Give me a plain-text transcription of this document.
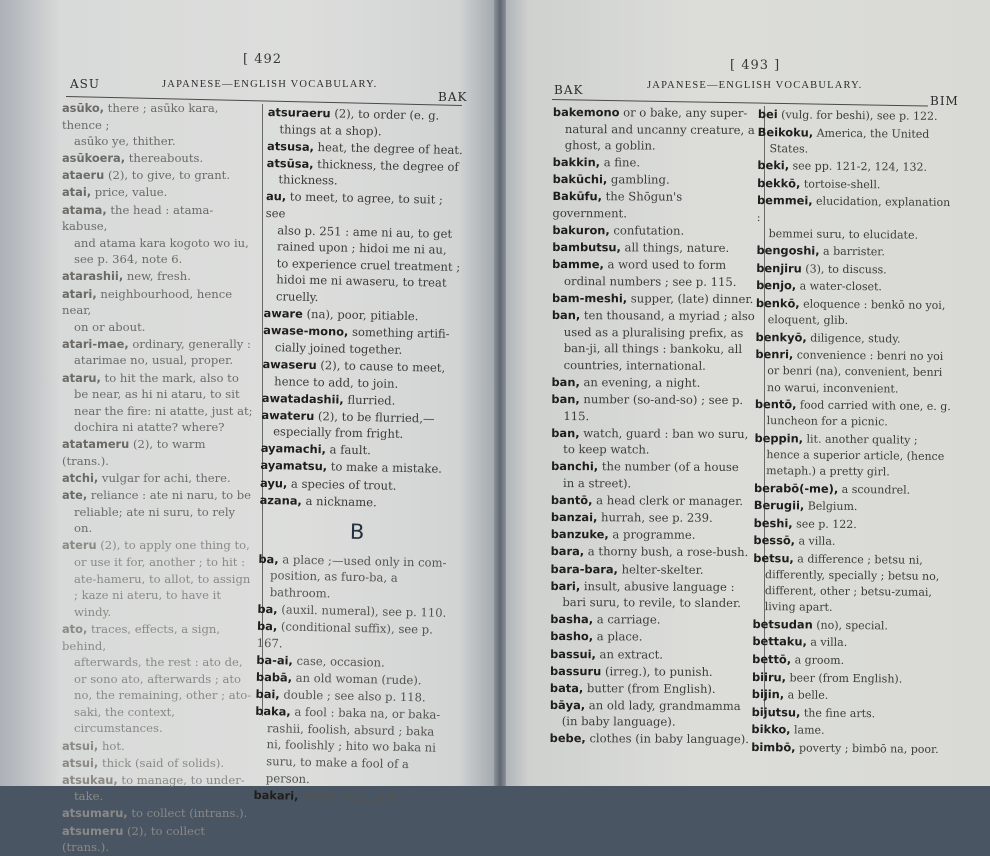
[ 492
ASU	JAPANESE—ENGLISH VOCABULARY.
BAK
asūko, there ; asūko kara, thence ;
asūko ye, thither.
asūkoera, thereabouts.
ataeru (2), to give, to grant.
atai, price, value.
atama, the head : atama-kabuse,
and atama kara kogoto wo iu, see p. 364, note 6.
atarashii, new, fresh.
atari, neighbourhood, hence near,
on or about.
atari-mae, ordinary, generally :
atarimae no, usual, proper.
ataru, to hit the mark, also to
be near, as hi ni ataru, to sit near the fire: ni atatte, just at; dochira ni atatte? where?
atatameru (2), to warm (trans.).
atchi, vulgar for achi, there.
ate, reliance : ate ni naru, to be
reliable; ate ni suru, to rely on.
ateru (2), to apply one thing to,
or use it for, another ; to hit : ate-hameru, to allot, to assign ; kaze ni ateru, to have it windy.
ato, traces, effects, a sign, behind,
afterwards, the rest : ato de, or sono ato, afterwards ; ato no, the remaining, other ; ato-saki, the context, circumstances.
atsui, hot.
atsui, thick (said of solids).
atsukau, to manage, to under-
take.
atsumaru, to collect (intrans.).
atsumeru (2), to collect (trans.).
atsuraeru (2), to order (e. g.
things at a shop).
atsusa, heat, the degree of heat.
atsūsa, thickness, the degree of
thickness.
au, to meet, to agree, to suit ; see
also p. 251 : ame ni au, to get rained upon ; hidoi me ni au, to experience cruel treatment ; hidoi me ni awaseru, to treat cruelly.
aware (na), poor, pitiable.
awase-mono, something artifi-
cially joined together.
awaseru (2), to cause to meet,
hence to add, to join.
awatadashii, flurried.
awateru (2), to be flurried,—
especially from fright.
ayamachi, a fault.
ayamatsu, to make a mistake.
ayu, a species of trout.
azana, a nickname.
B
ba, a place ;—used only in com-
position, as furo-ba, a bathroom.
ba, (auxil. numeral), see p. 110.
ba, (conditional suffix), see p. 167.
ba-ai, case, occasion.
babā, an old woman (rude).
bai, double ; see also p. 118.
baka, a fool : baka na, or baka-
rashii, foolish, absurd ; baka ni, foolishly ; hito wo baka ni suru, to make a fool of a person.
bakari, about, only, just.
[ 493 ]
BAK	JAPANESE—ENGLISH VOCABULARY.
BIM
bakemono or o bake, any super-
natural and uncanny creature, a ghost, a goblin.
bakkin, a fine.
bakūchi, gambling.
Bakūfu, the Shōgun's government.
bakuron, confutation.
bambutsu, all things, nature.
bamme, a word used to form
ordinal numbers ; see p. 115.
bam-meshi, supper, (late) dinner.
ban, ten thousand, a myriad ; also
used as a pluralising prefix, as ban-ji, all things : bankoku, all countries, international.
ban, an evening, a night.
ban, number (so-and-so) ; see p.
115.
ban, watch, guard : ban wo suru,
to keep watch.
banchi, the number (of a house
in a street).
bantō, a head clerk or manager.
banzai, hurrah, see p. 239.
banzuke, a programme.
bara, a thorny bush, a rose-bush.
bara-bara, helter-skelter.
bari, insult, abusive language :
bari suru, to revile, to slander.
basha, a carriage.
basho, a place.
bassui, an extract.
bassuru (irreg.), to punish.
bata, butter (from English).
bāya, an old lady, grandmamma
(in baby language).
bebe, clothes (in baby language).
bei (vulg. for beshi), see p. 122.
Beikoku, America, the United
States.
beki, see pp. 121-2, 124, 132.
bekkō, tortoise-shell.
bemmei, elucidation, explanation :
bemmei suru, to elucidate.
bengoshi, a barrister.
benjiru (3), to discuss.
benjo, a water-closet.
benkō, eloquence : benkō no yoi,
eloquent, glib.
benkyō, diligence, study.
benri, convenience : benri no yoi
or benri (na), convenient, benri no warui, inconvenient.
bentō, food carried with one, e. g.
luncheon for a picnic.
beppin, lit. another quality ;
hence a superior article, (hence metaph.) a pretty girl.
berabō(-me), a scoundrel.
Berugii, Belgium.
beshi, see p. 122.
bessō, a villa.
betsu, a difference ; betsu ni,
differently, specially ; betsu no, different, other ; betsu-zumai, living apart.
betsudan (no), special.
bettaku, a villa.
bettō, a groom.
biiru, beer (from English).
bijin, a belle.
bijutsu, the fine arts.
bikko, lame.
bimbō, poverty ; bimbō na, poor.
